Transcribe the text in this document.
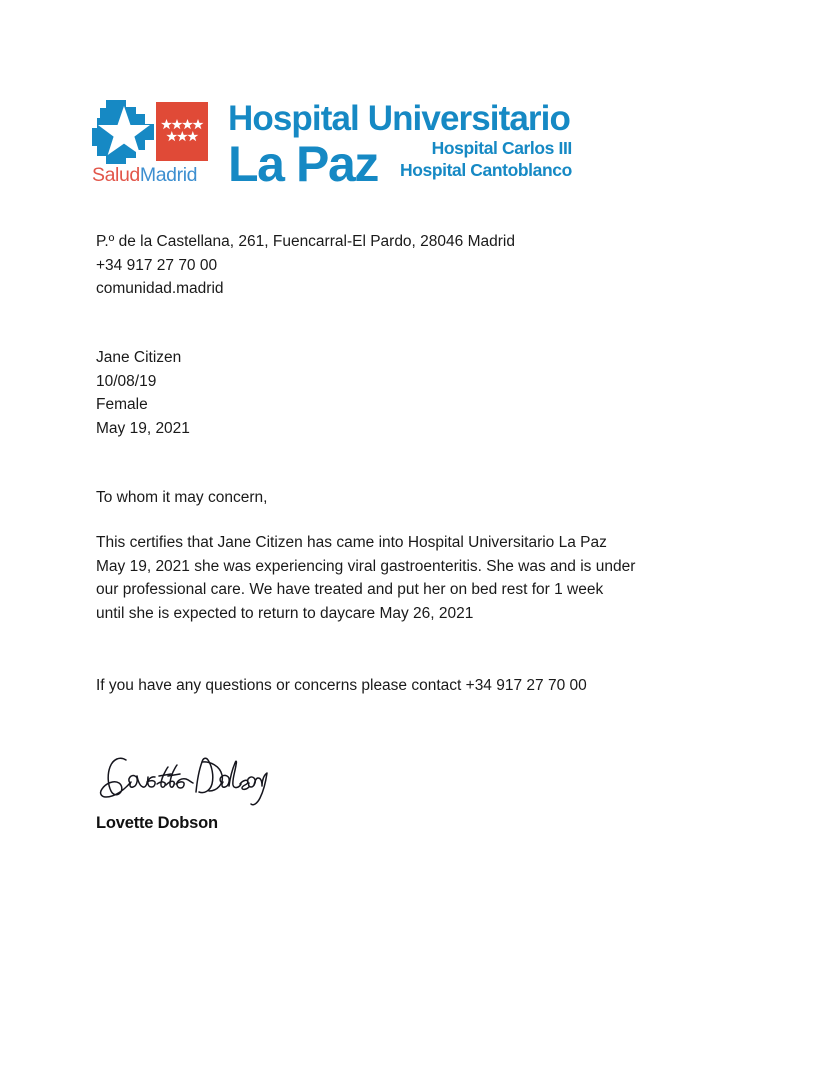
SaludMadrid
Hospital Universitario
La Paz	Hospital Carlos III
Hospital Cantoblanco
P.º de la Castellana, 261, Fuencarral-El Pardo, 28046 Madrid
+34 917 27 70 00
comunidad.madrid
Jane Citizen
10/08/19
Female
May 19, 2021
To whom it may concern,
This certifies that Jane Citizen has came into Hospital Universitario La Paz
May 19, 2021 she was experiencing viral gastroenteritis. She was and is under
our professional care. We have treated and put her on bed rest for 1 week
until she is expected to return to daycare May 26, 2021
If you have any questions or concerns please contact +34 917 27 70 00
Lovette Dobson
